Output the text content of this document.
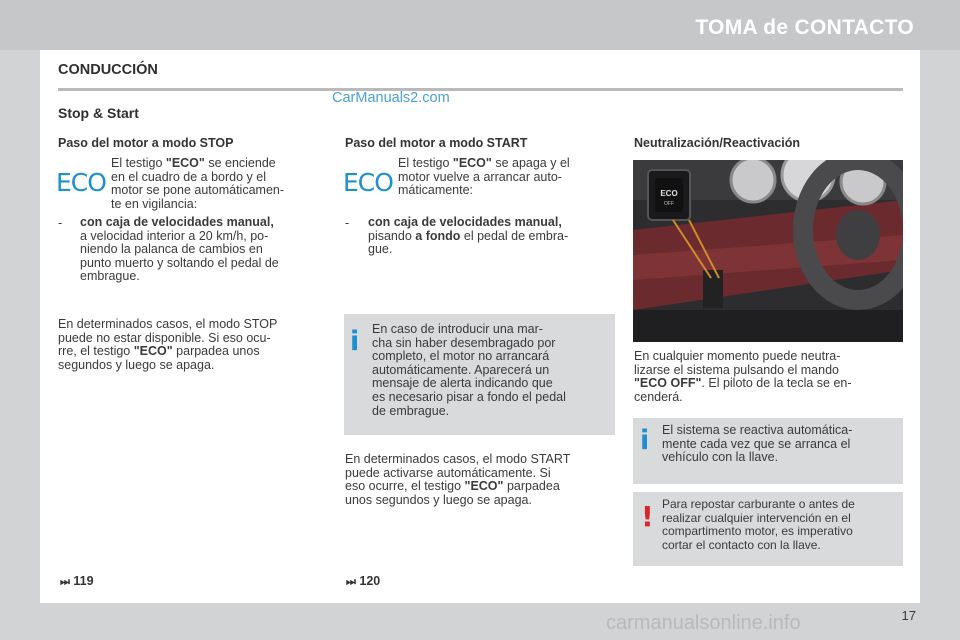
TOMA de CONTACTO
CONDUCCIÓN
CarManuals2.com
Stop & Start
Paso del motor a modo STOP
ECO
El testigo "ECO" se enciende
en el cuadro de a bordo y el
motor se pone automáticamen-
te en vigilancia:
- con caja de velocidades manual,
a velocidad interior a 20 km/h, po-
niendo la palanca de cambios en
punto muerto y soltando el pedal de
embrague.
En determinados casos, el modo STOP
puede no estar disponible. Si eso ocu-
rre, el testigo "ECO" parpadea unos
segundos y luego se apaga.
Paso del motor a modo START
ECO
El testigo "ECO" se apaga y el
motor vuelve a arrancar auto-
máticamente:
- con caja de velocidades manual,
pisando a fondo el pedal de embra-
gue.
i En caso de introducir una mar-
cha sin haber desembragado por
completo, el motor no arrancará
automáticamente. Aparecerá un
mensaje de alerta indicando que
es necesario pisar a fondo el pedal
de embrague.
En determinados casos, el modo START
puede activarse automáticamente. Si
eso ocurre, el testigo "ECO" parpadea
unos segundos y luego se apaga.
Neutralización/Reactivación
ECO
OFF
En cualquier momento puede neutra-
lizarse el sistema pulsando el mando
"ECO OFF". El piloto de la tecla se en-
cenderá.
i El sistema se reactiva automática-
mente cada vez que se arranca el
vehículo con la llave.
! Para repostar carburante o antes de
realizar cualquier intervención en el
compartimento motor, es imperativo
cortar el contacto con la llave.
⏭ 119	⏭ 120
17
carmanualsonline.info
